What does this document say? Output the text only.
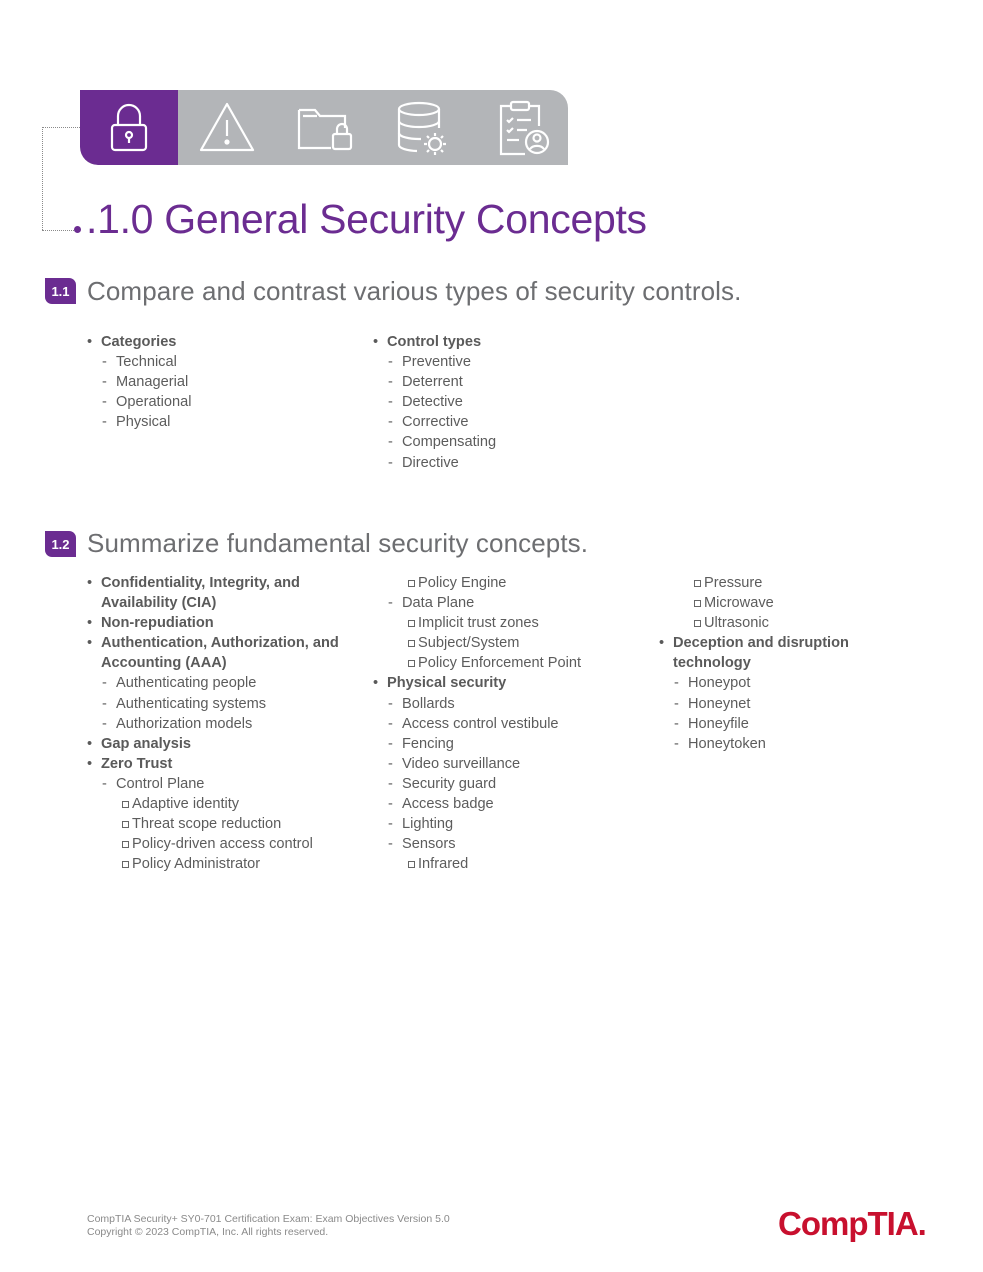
.1.0 General Security Concepts
1.1 Compare and contrast various types of security controls.
• Categories
- Technical
- Managerial
- Operational
- Physical
• Control types
- Preventive
- Deterrent
- Detective
- Corrective
- Compensating
- Directive
1.2 Summarize fundamental security concepts.
• Confidentiality, Integrity, and
Availability (CIA)
• Non-repudiation
• Authentication, Authorization, and
Accounting (AAA)
- Authenticating people
- Authenticating systems
- Authorization models
• Gap analysis
• Zero Trust
- Control Plane
Adaptive identity
Threat scope reduction
Policy-driven access control
Policy Administrator
Policy Engine
- Data Plane
Implicit trust zones
Subject/System
Policy Enforcement Point
• Physical security
- Bollards
- Access control vestibule
- Fencing
- Video surveillance
- Security guard
- Access badge
- Lighting
- Sensors
Infrared
Pressure
Microwave
Ultrasonic
• Deception and disruption
technology
- Honeypot
- Honeynet
- Honeyfile
- Honeytoken
CompTIA Security+ SY0-701 Certification Exam: Exam Objectives Version 5.0
Copyright © 2023 CompTIA, Inc. All rights reserved.	CompTIA.
